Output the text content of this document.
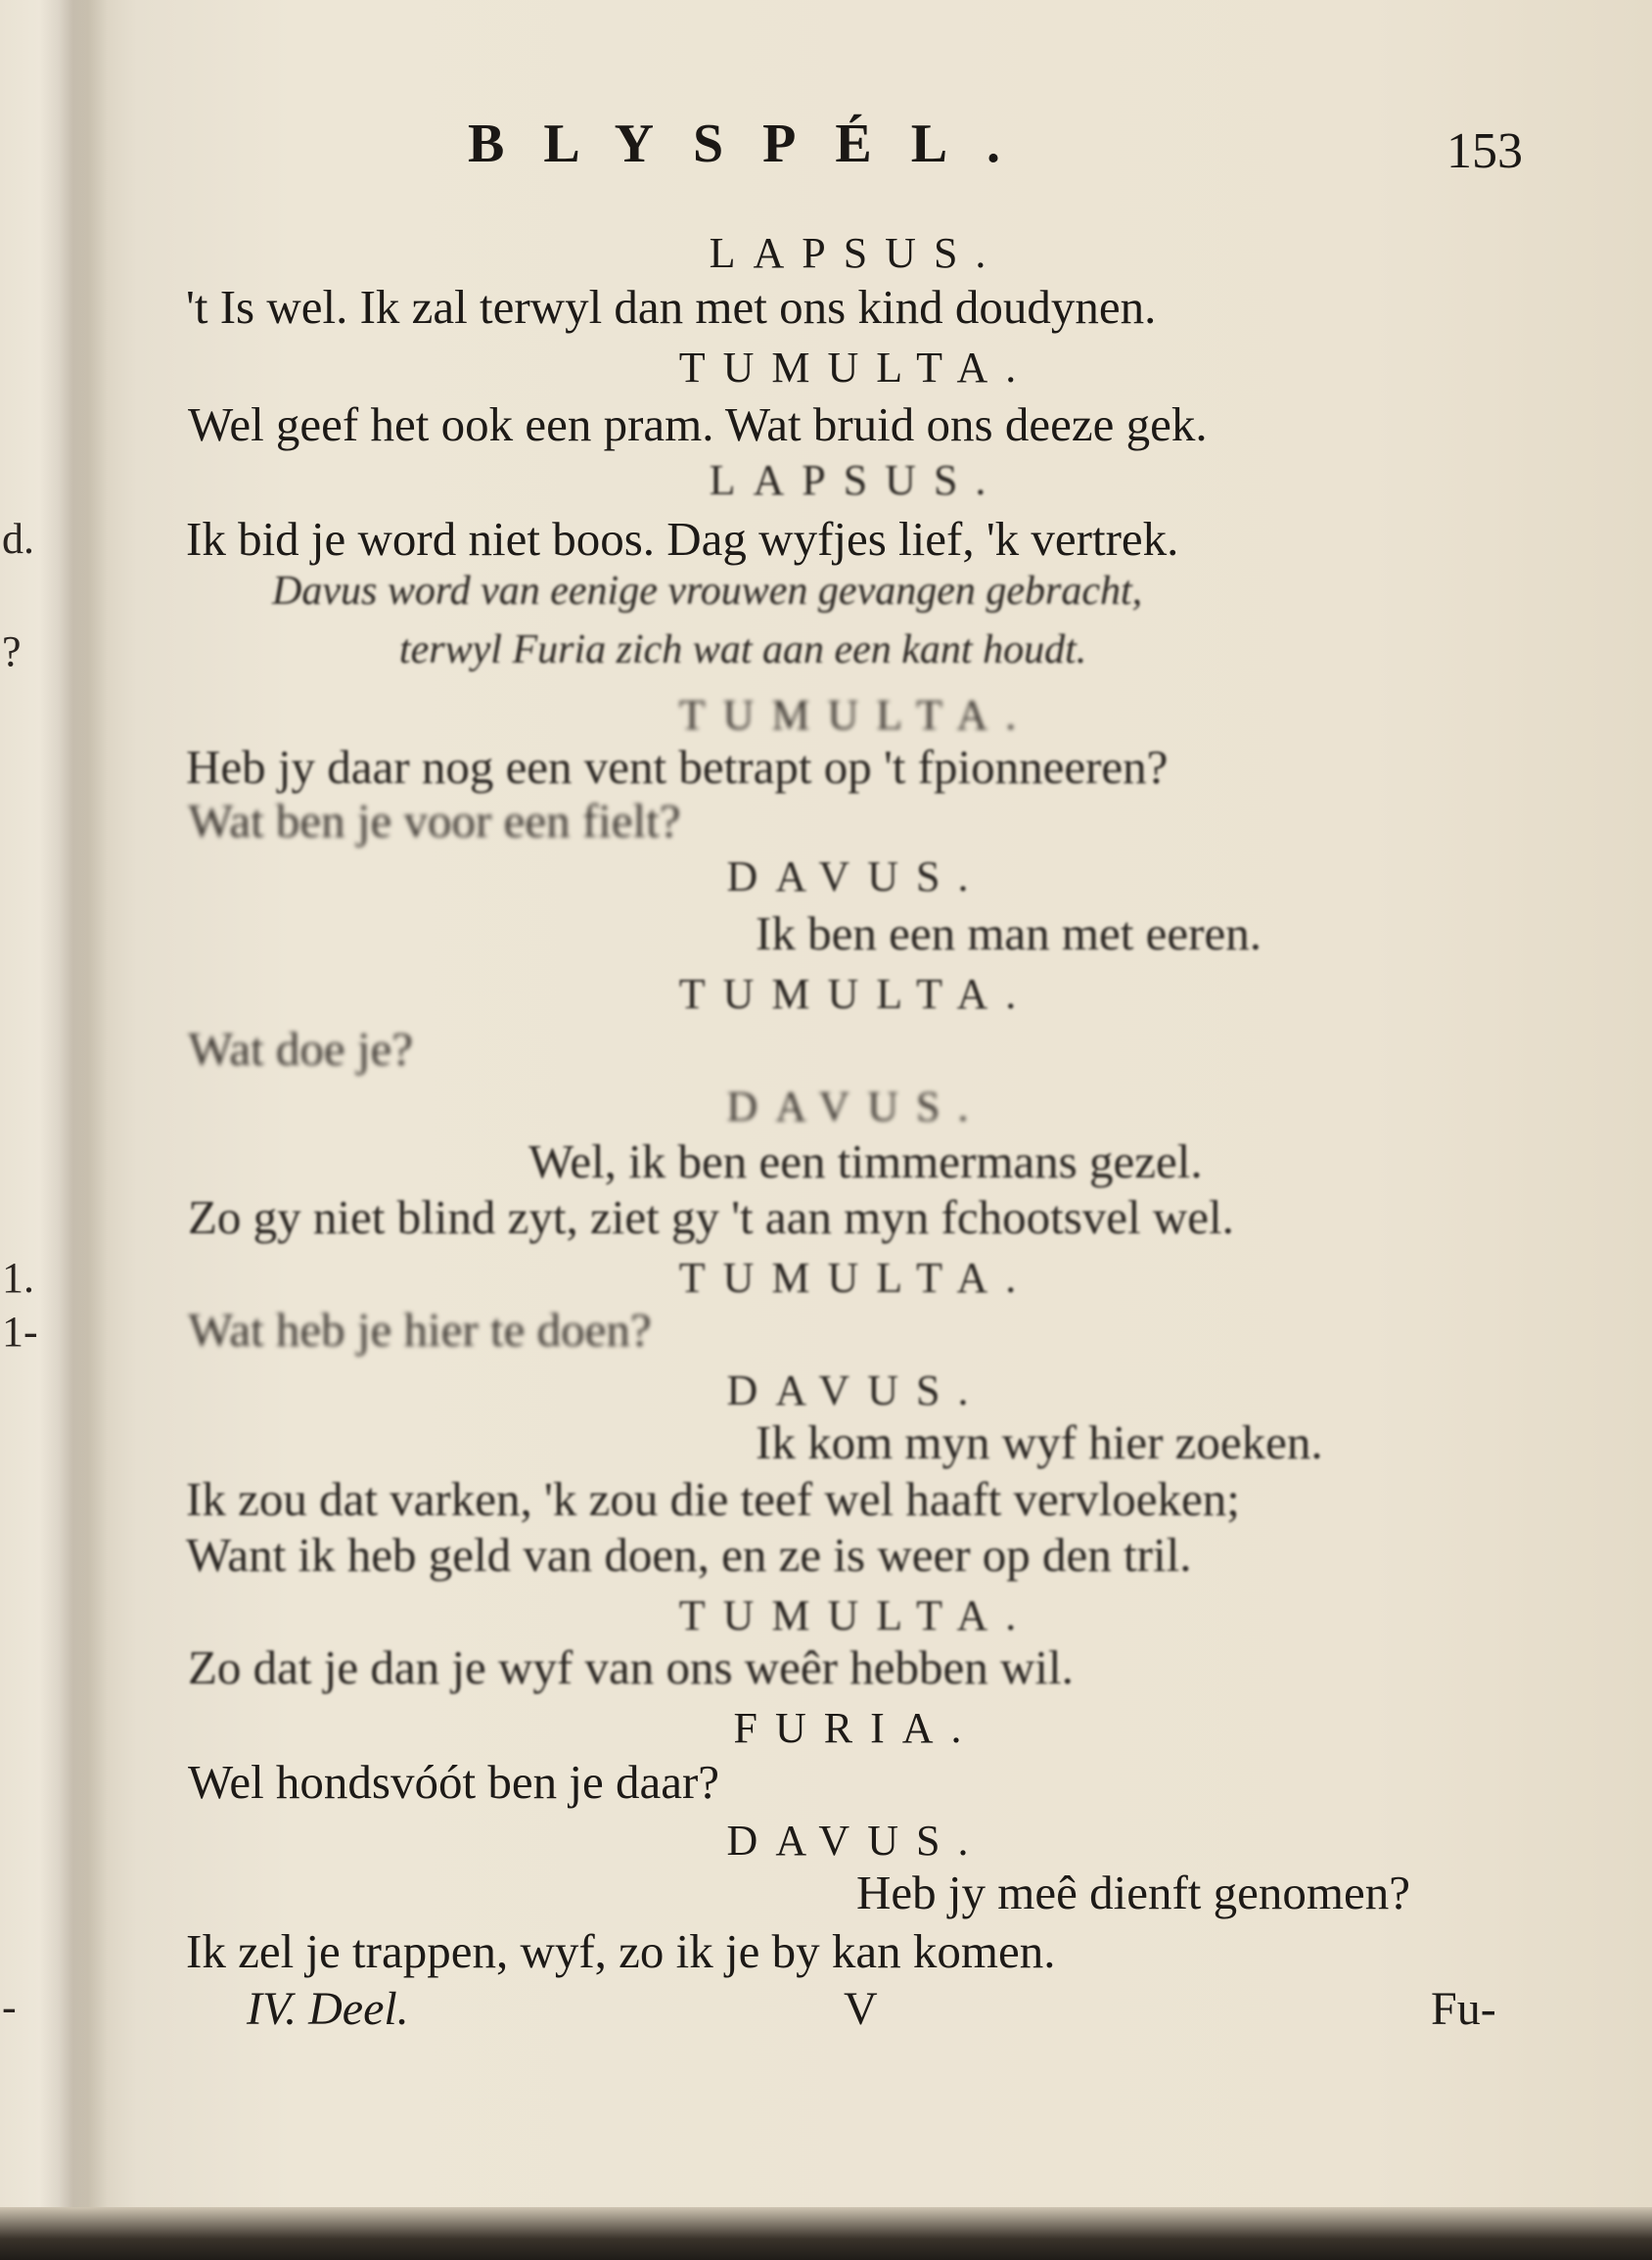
d.
?
1.
1-
-
BLYSPÉL.	153
LAPSUS.
't Is wel. Ik zal terwyl dan met ons kind doudynen.
TUMULTA.
Wel geef het ook een pram. Wat bruid ons deeze gek.
LAPSUS.
Ik bid je word niet boos. Dag wyfjes lief, 'k vertrek.
Davus word van eenige vrouwen gevangen gebracht,
terwyl Furia zich wat aan een kant houdt.
TUMULTA.
Heb jy daar nog een vent betrapt op 't fpionneeren?
Wat ben je voor een fielt?
DAVUS.
Ik ben een man met eeren.
TUMULTA.
Wat doe je?
DAVUS.
Wel, ik ben een timmermans gezel.
Zo gy niet blind zyt, ziet gy 't aan myn fchootsvel wel.
TUMULTA.
Wat heb je hier te doen?
DAVUS.
Ik kom myn wyf hier zoeken.
Ik zou dat varken, 'k zou die teef wel haaft vervloeken;
Want ik heb geld van doen, en ze is weer op den tril.
TUMULTA.
Zo dat je dan je wyf van ons weêr hebben wil.
FURIA.
Wel hondsvóót ben je daar?
DAVUS.
Heb jy meê dienft genomen?
Ik zel je trappen, wyf, zo ik je by kan komen.
IV. Deel.	V	Fu-
